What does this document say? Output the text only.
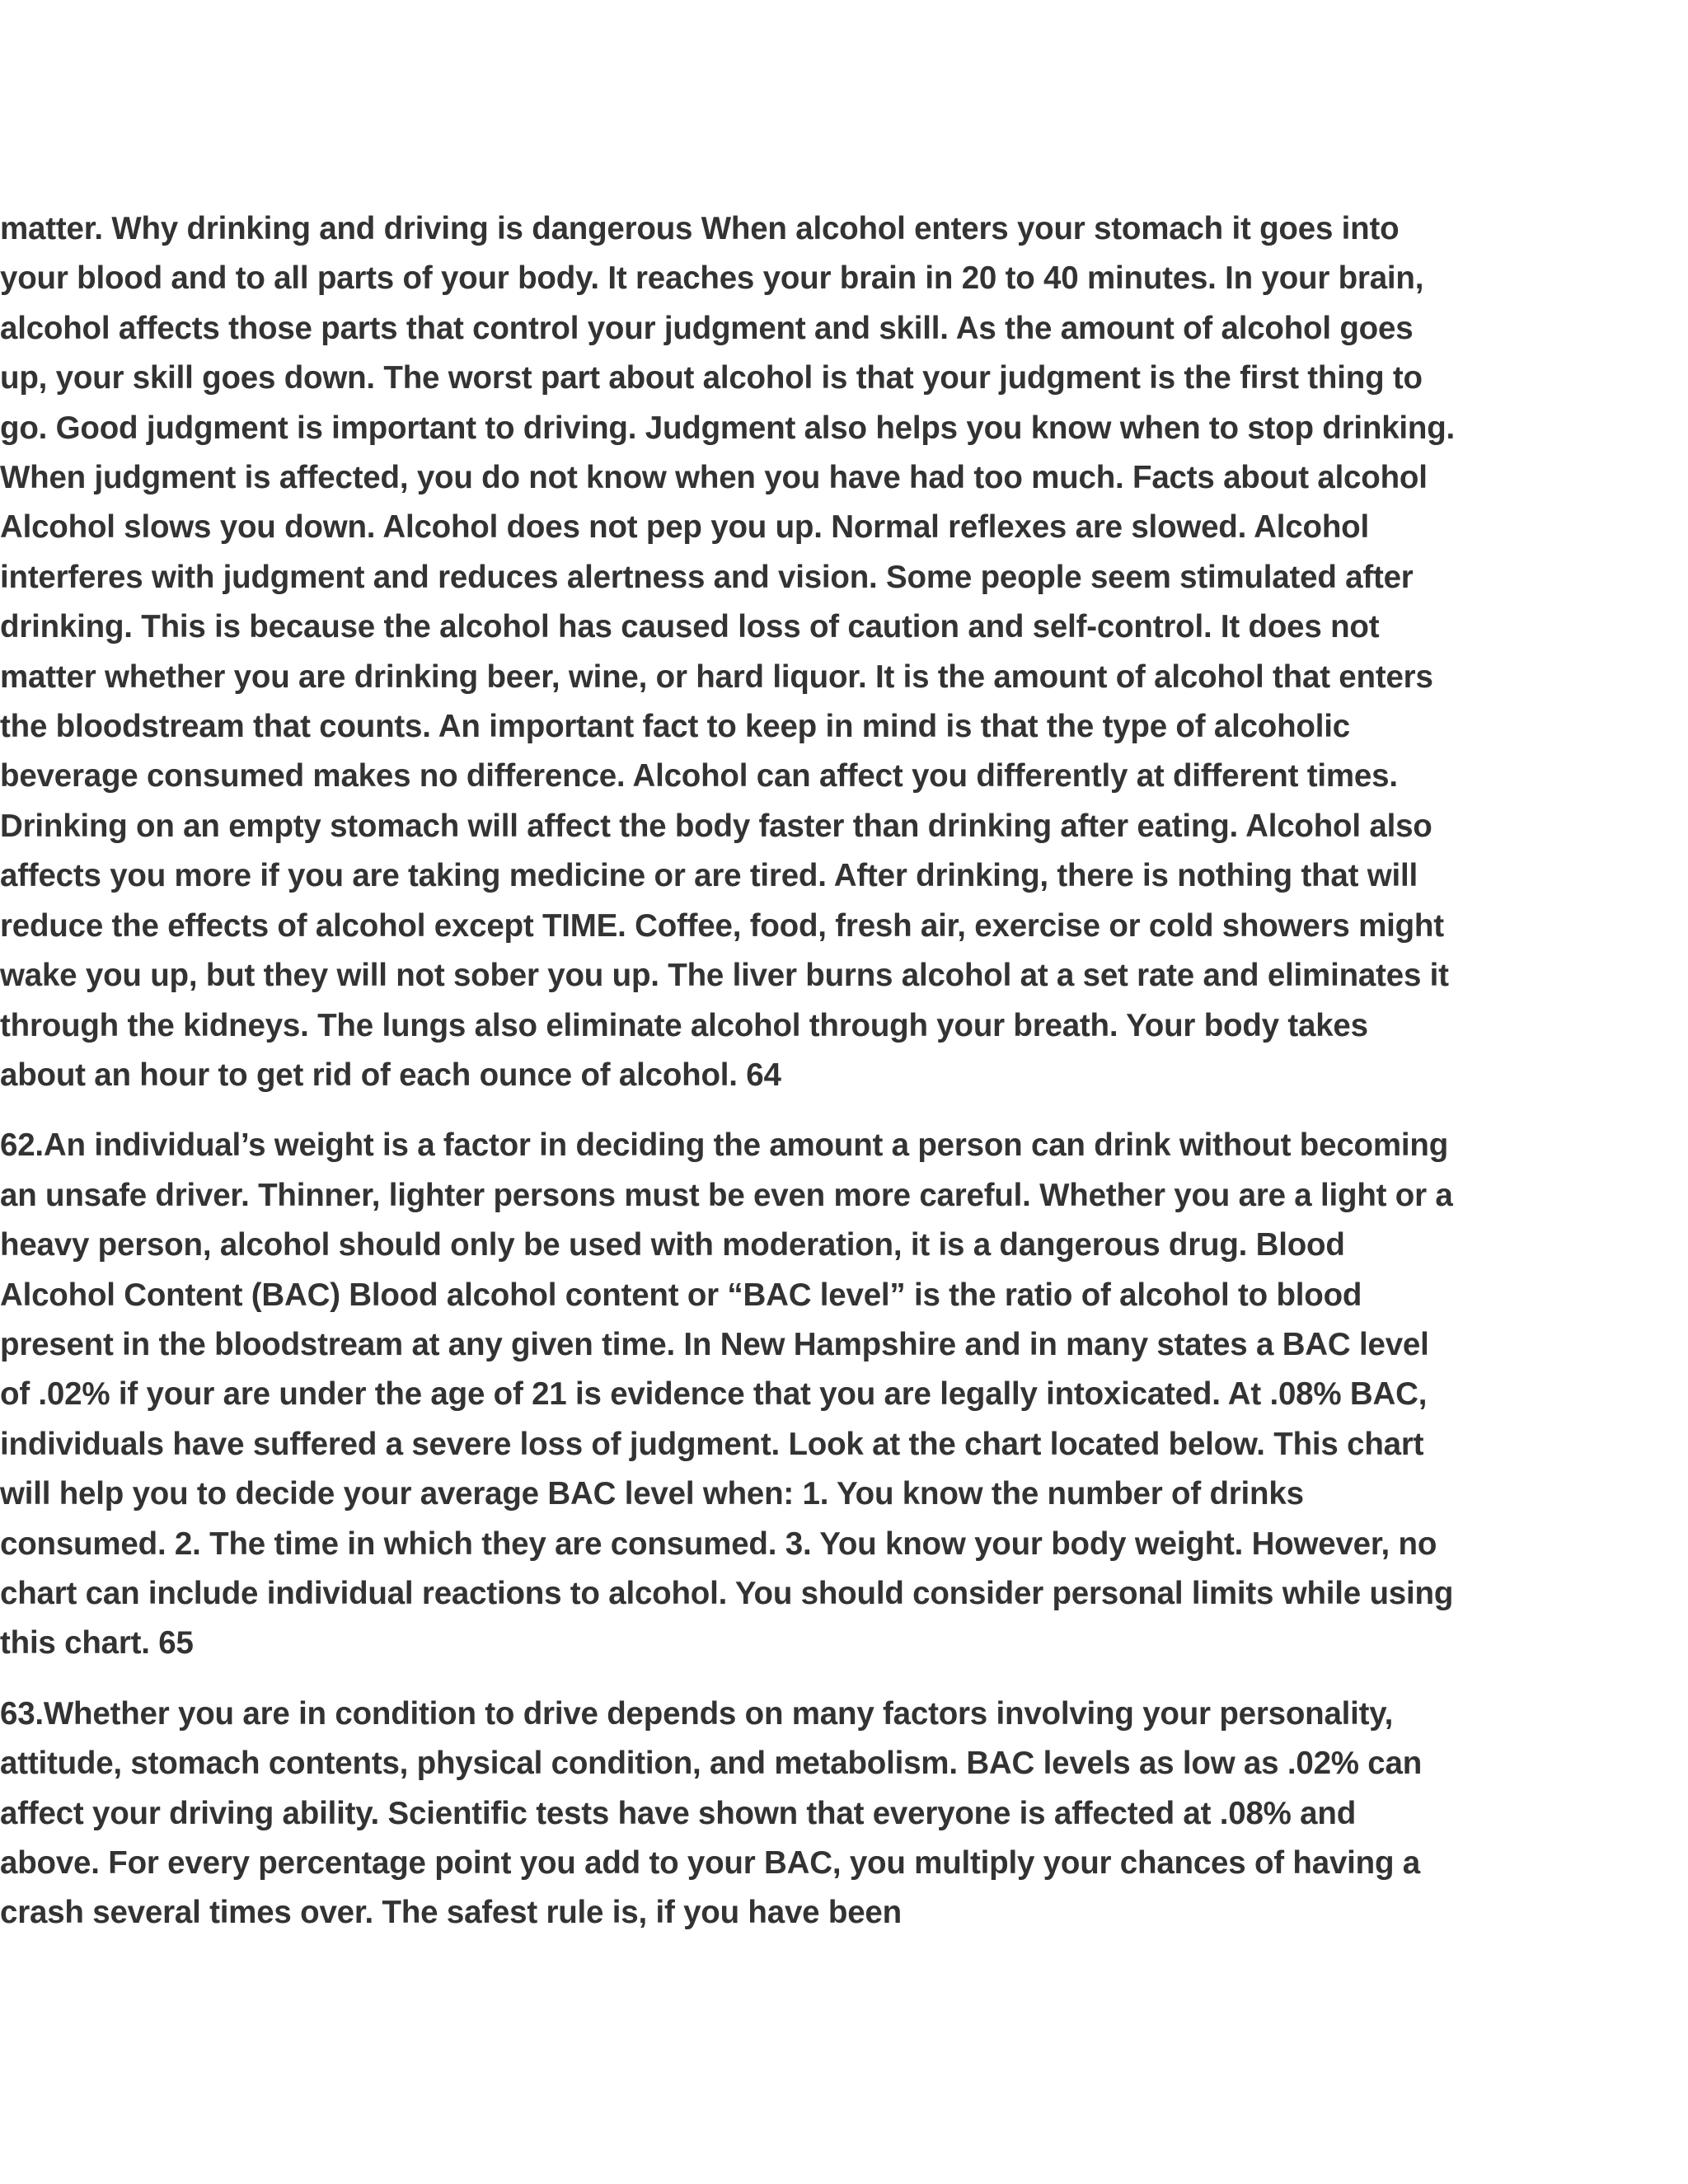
matter. Why drinking and driving is dangerous When alcohol enters your stomach it goes into your blood and to all parts of your body. It reaches your brain in 20 to 40 minutes. In your brain, alcohol affects those parts that control your judgment and skill. As the amount of alcohol goes up, your skill goes down. The worst part about alcohol is that your judgment is the first thing to go. Good judgment is important to driving. Judgment also helps you know when to stop drinking. When judgment is affected, you do not know when you have had too much. Facts about alcohol Alcohol slows you down. Alcohol does not pep you up. Normal reflexes are slowed. Alcohol interferes with judgment and reduces alertness and vision. Some people seem stimulated after drinking. This is because the alcohol has caused loss of caution and self-control. It does not matter whether you are drinking beer, wine, or hard liquor. It is the amount of alcohol that enters the bloodstream that counts. An important fact to keep in mind is that the type of alcoholic beverage consumed makes no difference. Alcohol can affect you differently at different times. Drinking on an empty stomach will affect the body faster than drinking after eating. Alcohol also affects you more if you are taking medicine or are tired. After drinking, there is nothing that will reduce the effects of alcohol except TIME. Coffee, food, fresh air, exercise or cold showers might wake you up, but they will not sober you up. The liver burns alcohol at a set rate and eliminates it through the kidneys. The lungs also eliminate alcohol through your breath. Your body takes about an hour to get rid of each ounce of alcohol. 64

62.An individual’s weight is a factor in deciding the amount a person can drink without becoming an unsafe driver. Thinner, lighter persons must be even more careful. Whether you are a light or a heavy person, alcohol should only be used with moderation, it is a dangerous drug. Blood Alcohol Content (BAC) Blood alcohol content or “BAC level” is the ratio of alcohol to blood present in the bloodstream at any given time. In New Hampshire and in many states a BAC level of .02% if your are under the age of 21 is evidence that you are legally intoxicated. At .08% BAC, individuals have suffered a severe loss of judgment. Look at the chart located below. This chart will help you to decide your average BAC level when: 1. You know the number of drinks consumed. 2. The time in which they are consumed. 3. You know your body weight. However, no chart can include individual reactions to alcohol. You should consider personal limits while using this chart. 65

63.Whether you are in condition to drive depends on many factors involving your personality, attitude, stomach contents, physical condition, and metabolism. BAC levels as low as .02% can affect your driving ability. Scientific tests have shown that everyone is affected at .08% and above. For every percentage point you add to your BAC, you multiply your chances of having a crash several times over. The safest rule is, if you have been
